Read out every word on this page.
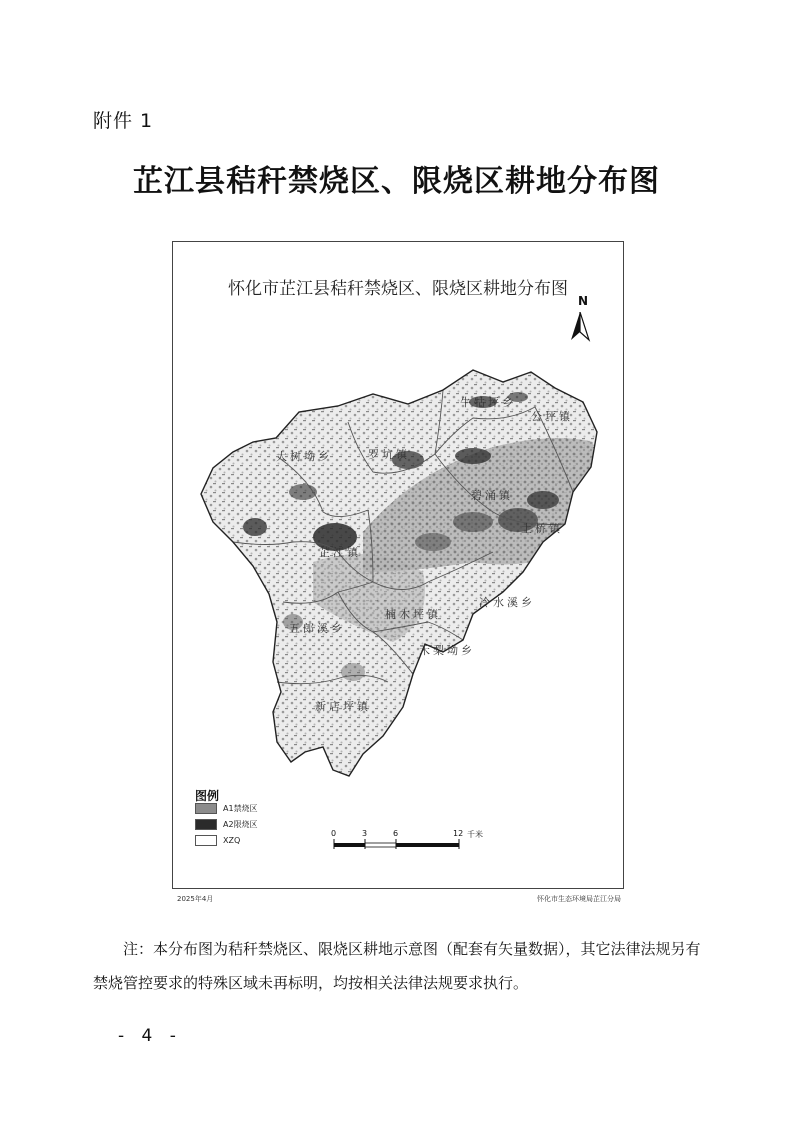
附件 1
芷江县秸秆禁烧区、限烧区耕地分布图
怀化市芷江县秸秆禁烧区、限烧区耕地分布图
N
牛牯坪乡
公坪镇
大树坳乡	罗坑镇
芷江镇
碧涌镇
土桥镇
楠木坪镇
五郎溪乡
禾梨坳乡
新店坪镇
冷水溪乡
图例
A1禁烧区
A2限烧区
XZQ
0	3	6	12 千米
2025年4月	怀化市生态环境局芷江分局
注：本分布图为秸秆禁烧区、限烧区耕地示意图（配套有矢量数据），其它法律法规另有禁烧管控要求的特殊区域未再标明，均按相关法律法规要求执行。
- 4 -
